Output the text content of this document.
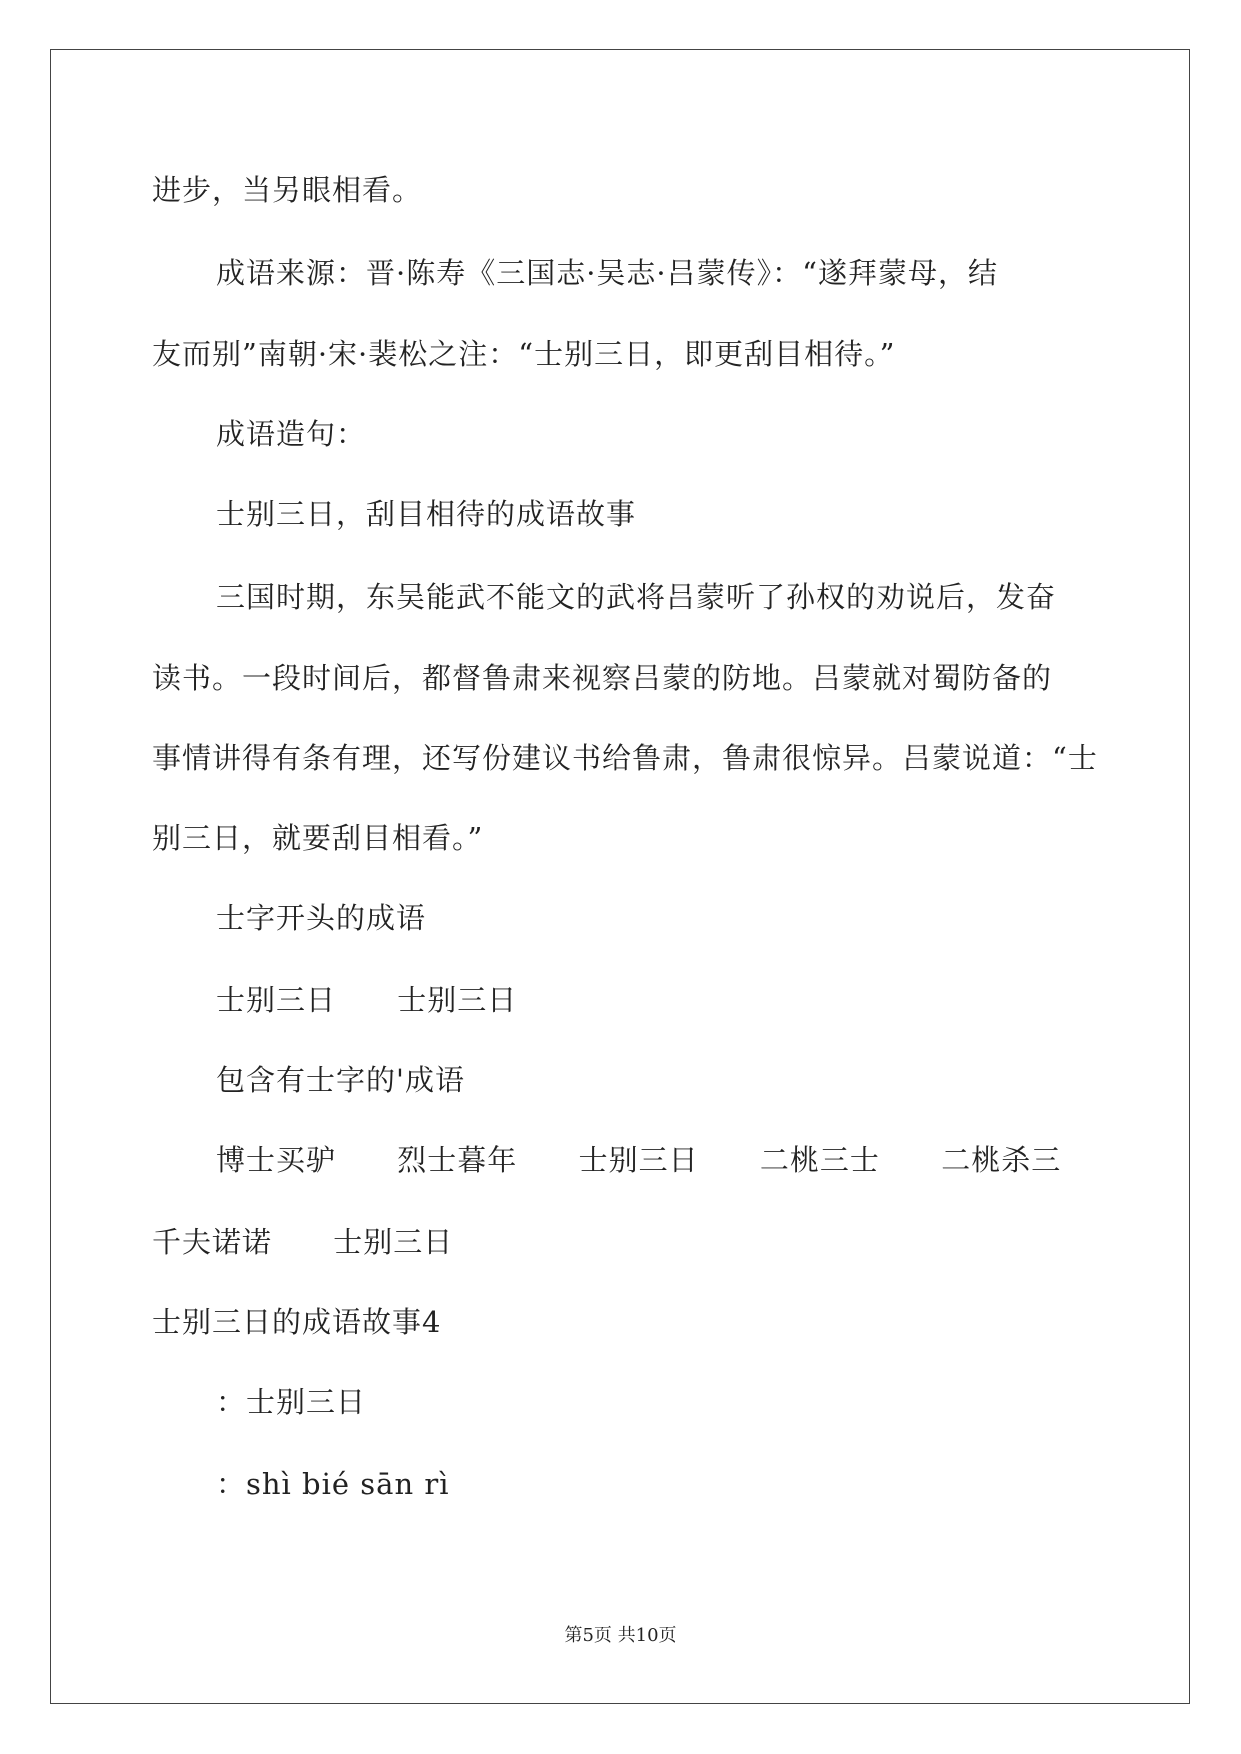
进步，当另眼相看。
成语来源：晋·陈寿《三国志·吴志·吕蒙传》：“遂拜蒙母，结
友而别”南朝·宋·裴松之注：“士别三日，即更刮目相待。”
成语造句：
士别三日，刮目相待的成语故事
三国时期，东吴能武不能文的武将吕蒙听了孙权的劝说后，发奋
读书。一段时间后，都督鲁肃来视察吕蒙的防地。吕蒙就对蜀防备的
事情讲得有条有理，还写份建议书给鲁肃，鲁肃很惊异。吕蒙说道：“士
别三日，就要刮目相看。”
士字开头的成语
士别三日      士别三日
包含有士字的'成语
博士买驴      烈士暮年      士别三日      二桃三士      二桃杀三
千夫诺诺      士别三日
士别三日的成语故事4
：士别三日
：shì bié sān rì
第5页 共10页
